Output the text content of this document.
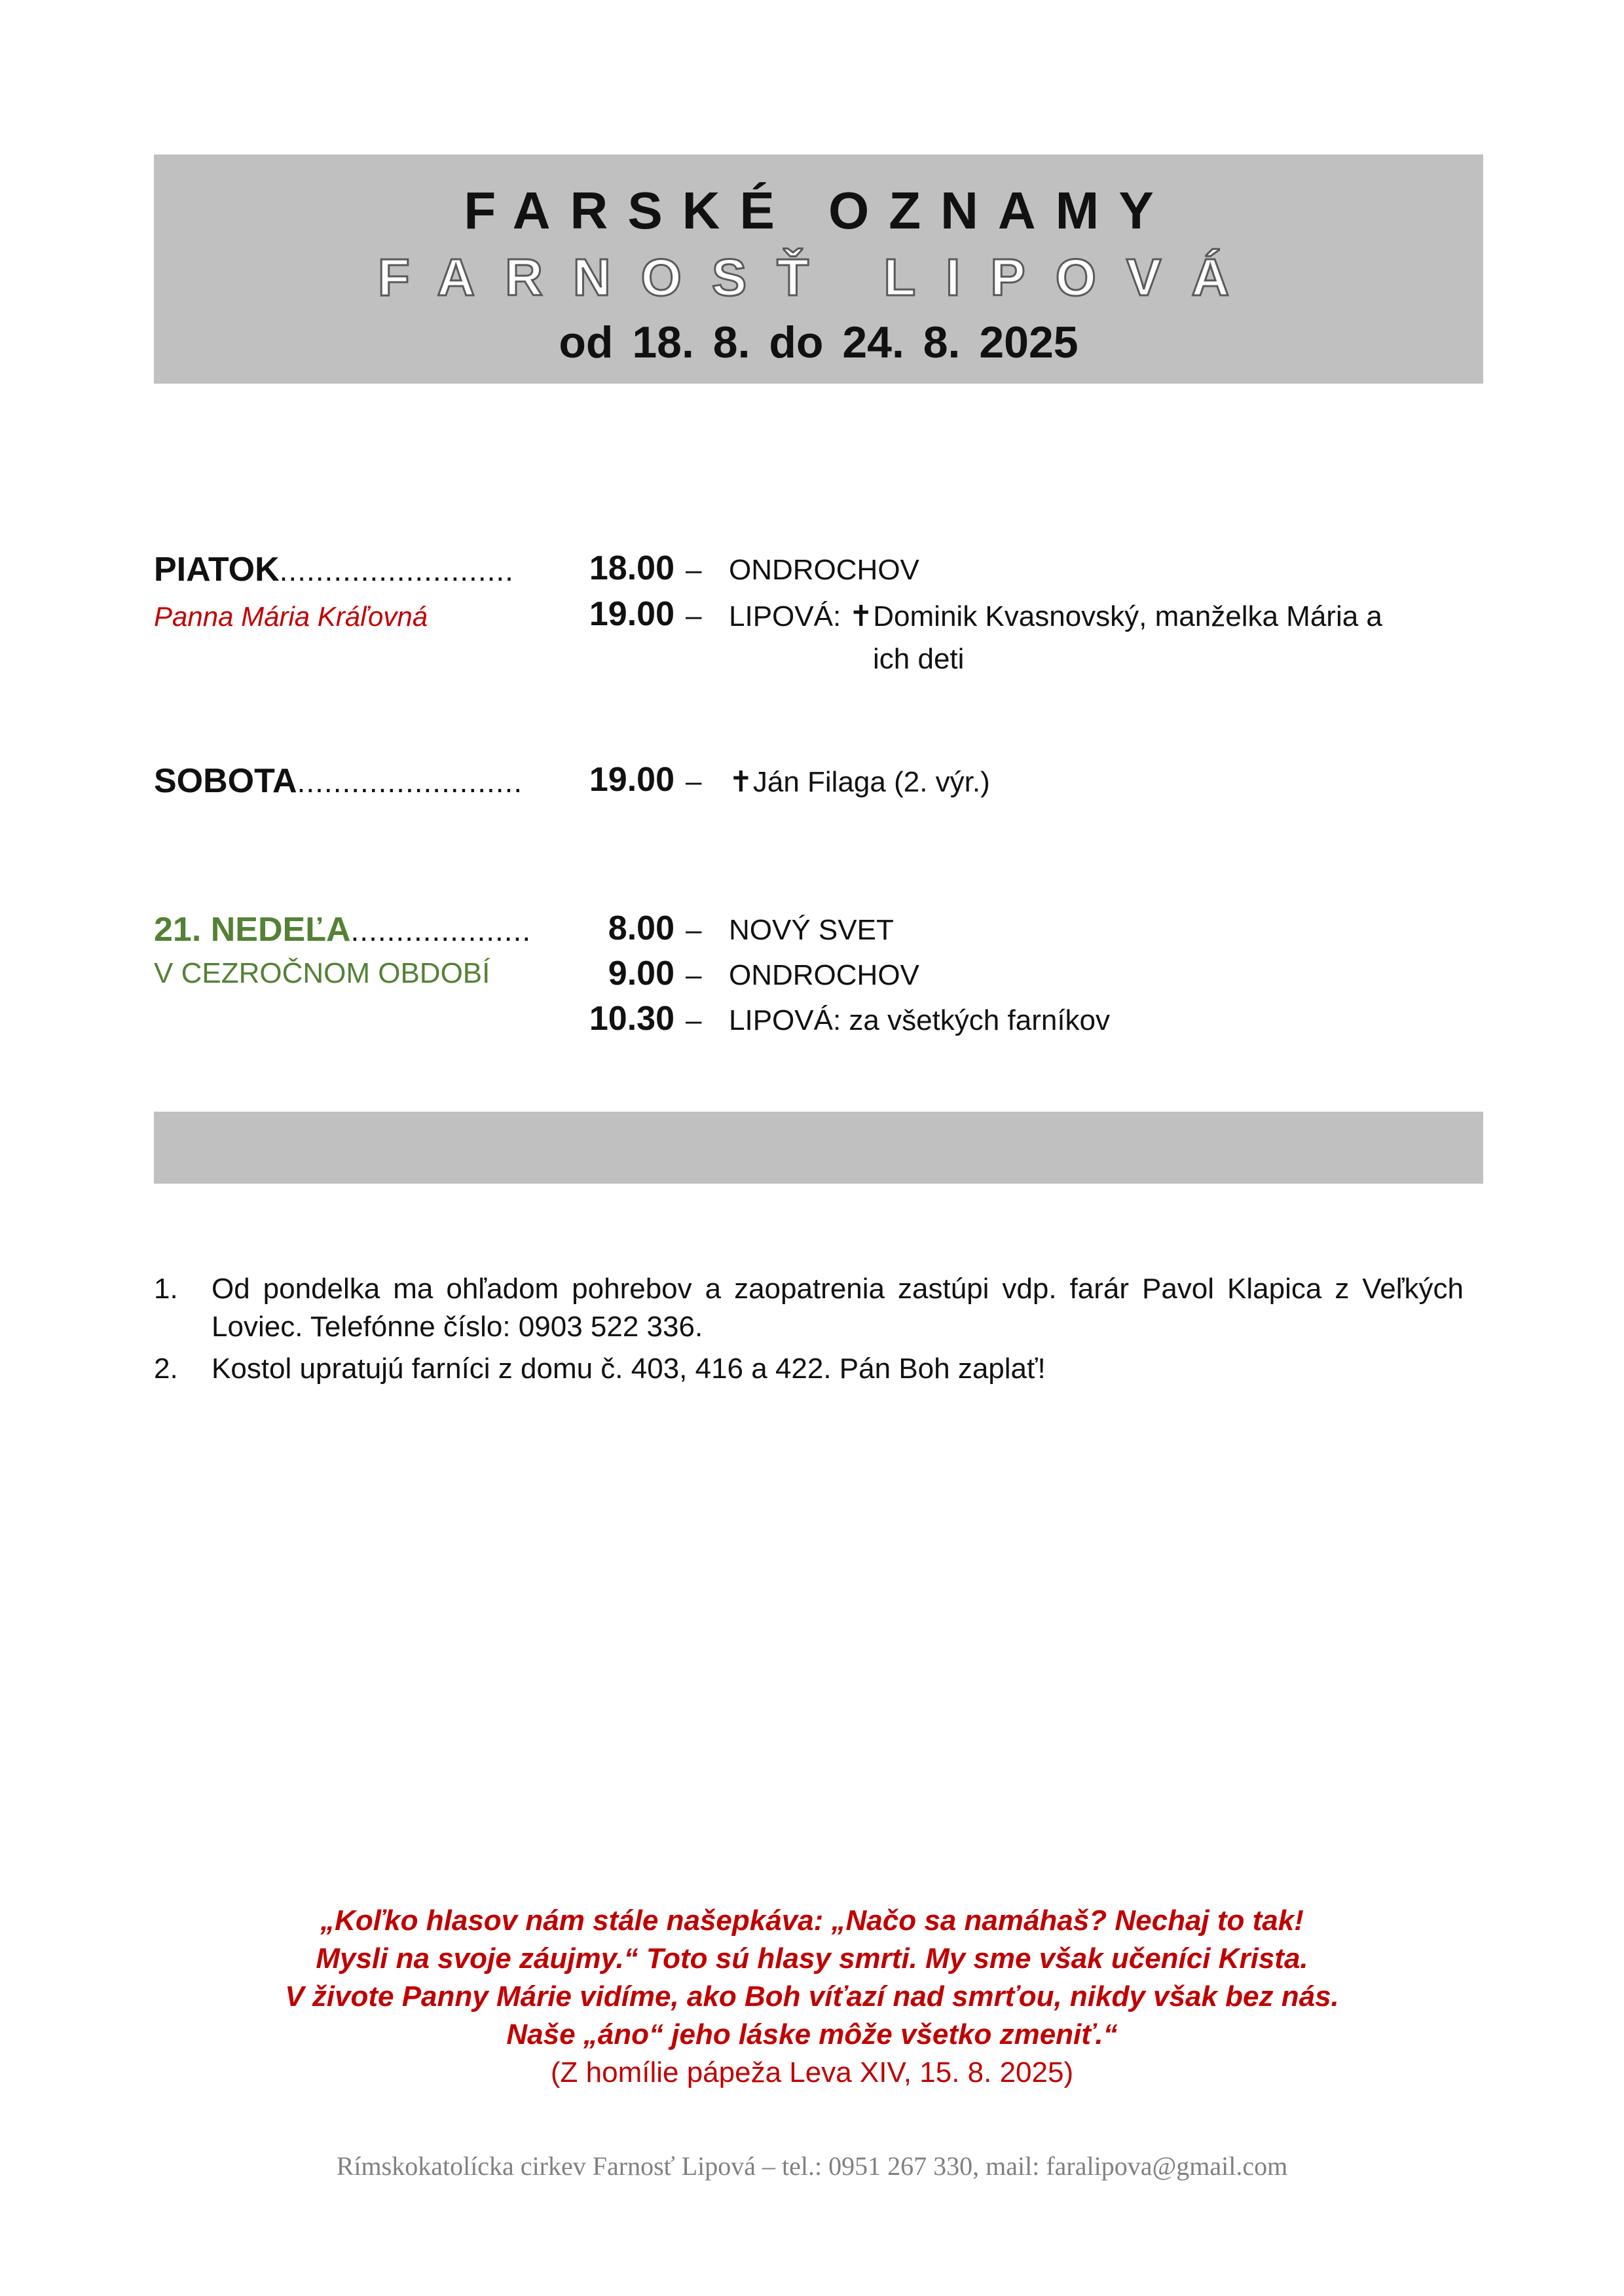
FARSKÉ OZNAMY
FARNOSŤ LIPOVÁ
od 18. 8. do 24. 8. 2025
PIATOK..........................	18.00 – ONDROCHOV
Panna Mária Kráľovná	19.00 – LIPOVÁ: ✝Dominik Kvasnovský, manželka Mária a
ich deti
SOBOTA.........................	19.00 – ✝Ján Filaga (2. výr.)
21. NEDEĽA....................	8.00 – NOVÝ SVET
V CEZROČNOM OBDOBÍ	9.00 – ONDROCHOV
10.30 – LIPOVÁ: za všetkých farníkov
1. Od pondelka ma ohľadom pohrebov a zaopatrenia zastúpi vdp. farár Pavol Klapica z Veľkých Loviec. Telefónne číslo: 0903 522 336.
2. Kostol upratujú farníci z domu č. 403, 416 a 422. Pán Boh zaplať!
„Koľko hlasov nám stále našepkáva: „Načo sa namáhaš? Nechaj to tak!
Mysli na svoje záujmy.“ Toto sú hlasy smrti. My sme však učeníci Krista.
V živote Panny Márie vidíme, ako Boh víťazí nad smrťou, nikdy však bez nás.
Naše „áno“ jeho láske môže všetko zmeniť.“
(Z homílie pápeža Leva XIV, 15. 8. 2025)
Rímskokatolícka cirkev Farnosť Lipová – tel.: 0951 267 330, mail: faralipova@gmail.com
